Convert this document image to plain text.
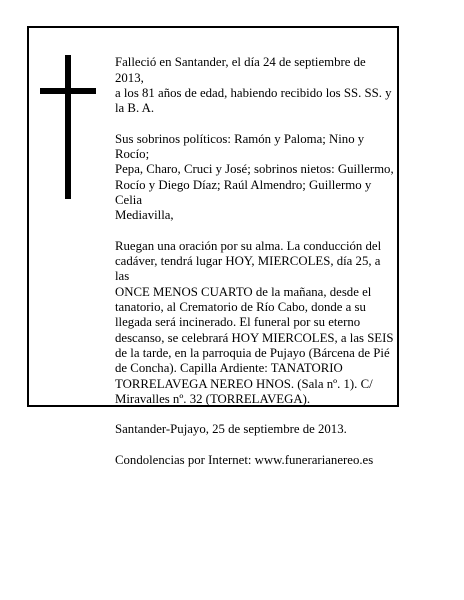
Falleció en Santander, el día 24 de septiembre de 2013,
a los 81 años de edad, habiendo recibido los SS. SS. y
la B. A.

Sus sobrinos políticos: Ramón y Paloma; Nino y Rocío;
Pepa, Charo, Cruci y José; sobrinos nietos: Guillermo,
Rocío y Diego Díaz; Raúl Almendro; Guillermo y Celia
Mediavilla,

Ruegan una oración por su alma. La conducción del
cadáver, tendrá lugar HOY, MIERCOLES, día 25, a las
ONCE MENOS CUARTO de la mañana, desde el
tanatorio, al Crematorio de Río Cabo, donde a su
llegada será incinerado. El funeral por su eterno
descanso, se celebrará HOY MIERCOLES, a las SEIS
de la tarde, en la parroquia de Pujayo (Bárcena de Pié
de Concha). Capilla Ardiente: TANATORIO
TORRELAVEGA NEREO HNOS. (Sala nº. 1). C/
Miravalles nº. 32 (TORRELAVEGA).

Santander-Pujayo, 25 de septiembre de 2013.

Condolencias por Internet: www.funerarianereo.es
